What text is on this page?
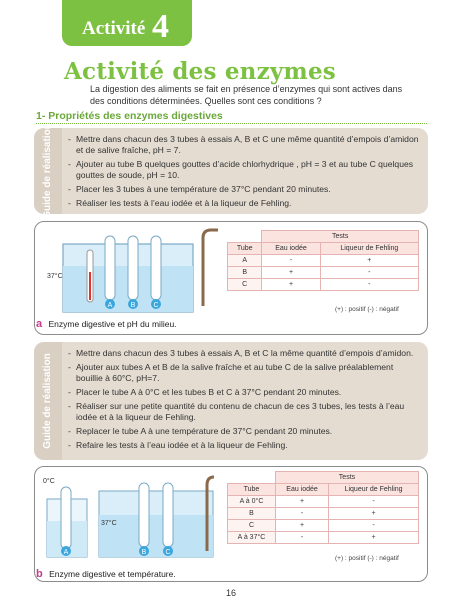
Activité 4
Activité des enzymes

La digestion des aliments se fait en présence d’enzymes qui sont actives dans des conditions déterminées. Quelles sont ces conditions ?

1- Propriétés des enzymes digestives
Guide de réalisation	- Mettre dans chacun des 3 tubes à essais A, B et C une même quantité d’empois d’amidon et de salive fraîche, pH = 7.
- Ajouter au tube B quelques gouttes d’acide chlorhydrique , pH = 3 et au tube C quelques gouttes de soude, pH = 10.
- Placer les 3 tubes à une température de 37°C pendant 20 minutes.
- Réaliser les tests à l’eau iodée et à la liqueur de Fehling.
A	B	C
37°C
	Tests	
Tube	Eau iodée	Liqueur de Fehling
A	-	+
B	+	-
C	+	-
(+) : positif (-) : négatif
a Enzyme digestive et pH du milieu.
Guide de réalisation
- Mettre dans chacun des 3 tubes à essais A, B et C la même quantité d’empois d’amidon.
- Ajouter aux tubes A et B de la salive fraîche et au tube C de la salive préalablement bouillie à 60°C, pH=7.
- Placer le tube A à 0°C et les tubes B et C à 37°C pendant 20 minutes.
- Réaliser sur une petite quantité du contenu de chacun de ces 3 tubes, les tests à l’eau iodée et à la liqueur de Fehling.
- Replacer le tube A à une température de 37°C pendant 20 minutes.
- Refaire les tests à l’eau iodée et à la liqueur de Fehling.
0°C
37°C
A	B	C
	Tests	
Tube	Eau iodée	Liqueur de Fehling
A à 0°C	+	-
B	-	+
C	+	-
A à 37°C	-	+
(+) : positif (-) : négatif
b Enzyme digestive et température.
16
